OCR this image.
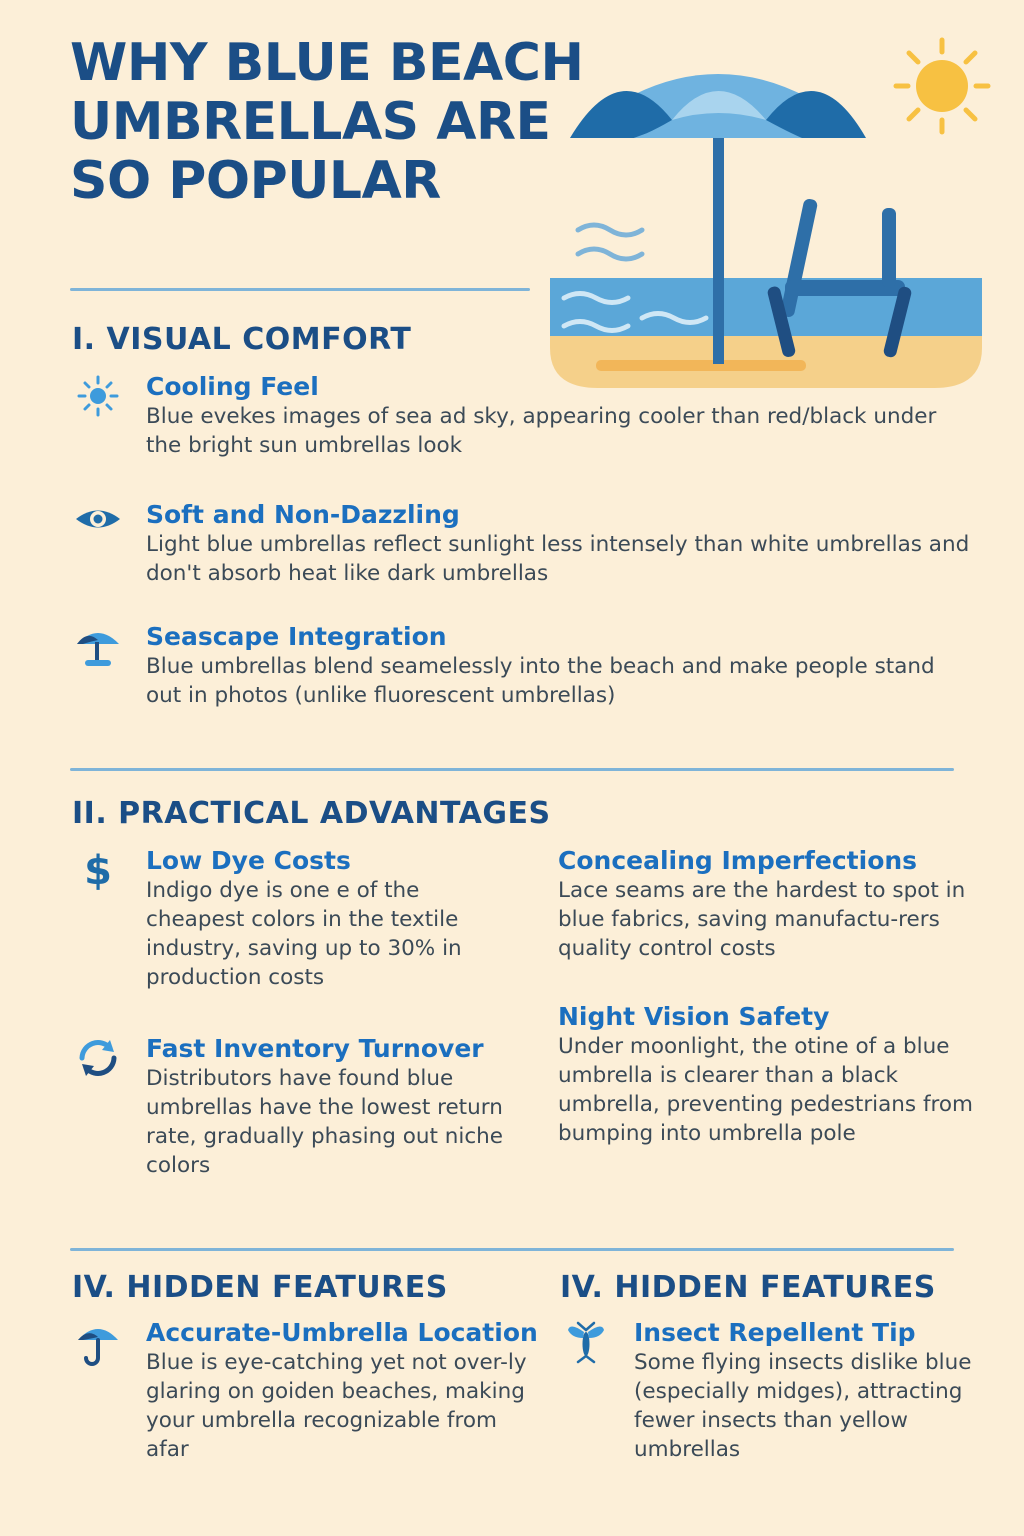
WHY BLUE BEACH
UMBRELLAS ARE
SO POPULAR
I. VISUAL COMFORT
Cooling Feel
Blue evekes images of sea ad sky, appearing cooler than red/black under the bright sun umbrellas look
Soft and Non-Dazzling
Light blue umbrellas reflect sunlight less intensely than white umbrellas and don't absorb heat like dark umbrellas
Seascape Integration
Blue umbrellas blend seamelessly into the beach and make people stand out in photos (unlike fluorescent umbrellas)
II. PRACTICAL ADVANTAGES
$ Low Dye Costs
Indigo dye is one e of the cheapest colors in the textile industry, saving up to 30% in production costs
Fast Inventory Turnover
Distributors have found blue umbrellas have the lowest return rate, gradually phasing out niche colors
Concealing Imperfections
Lace seams are the hardest to spot in blue fabrics, saving manufactu-rers quality control costs
Night Vision Safety
Under moonlight, the otine of a blue umbrella is clearer than a black umbrella, preventing pedestrians from bumping into umbrella pole
IV. HIDDEN FEATURES	IV. HIDDEN FEATURES
Accurate-Umbrella Location
Blue is eye-catching yet not over-ly glaring on goiden beaches, making your umbrella recognizable from afar
Insect Repellent Tip
Some flying insects dislike blue (especially midges), attracting fewer insects than yellow umbrellas
